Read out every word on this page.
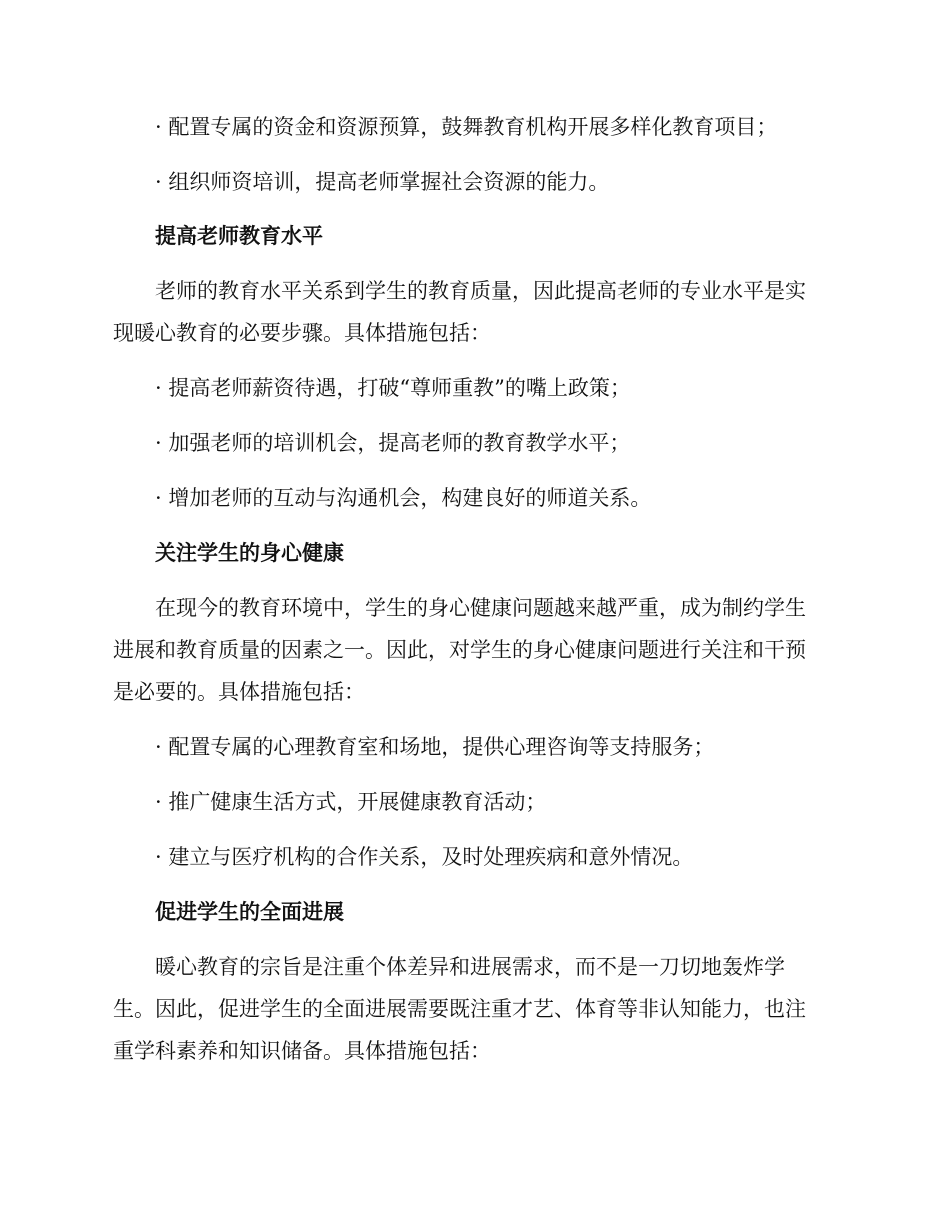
· 配置专属的资金和资源预算，鼓舞教育机构开展多样化教育项目；
· 组织师资培训，提高老师掌握社会资源的能力。
提高老师教育水平
老师的教育水平关系到学生的教育质量，因此提高老师的专业水平是实
现暖心教育的必要步骤。具体措施包括：
· 提高老师薪资待遇，打破“尊师重教”的嘴上政策；
· 加强老师的培训机会，提高老师的教育教学水平；
· 增加老师的互动与沟通机会，构建良好的师道关系。
关注学生的身心健康
在现今的教育环境中，学生的身心健康问题越来越严重，成为制约学生
进展和教育质量的因素之一。因此，对学生的身心健康问题进行关注和干预
是必要的。具体措施包括：
· 配置专属的心理教育室和场地，提供心理咨询等支持服务；
· 推广健康生活方式，开展健康教育活动；
· 建立与医疗机构的合作关系，及时处理疾病和意外情况。
促进学生的全面进展
暖心教育的宗旨是注重个体差异和进展需求，而不是一刀切地轰炸学
生。因此，促进学生的全面进展需要既注重才艺、体育等非认知能力，也注
重学科素养和知识储备。具体措施包括：
